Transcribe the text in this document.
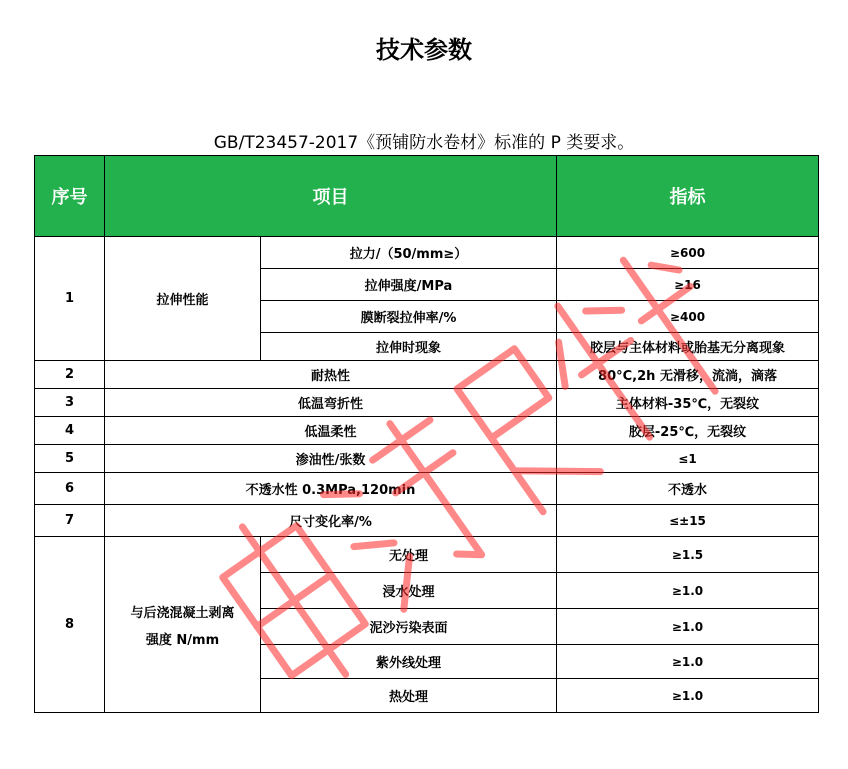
技术参数
GB/T23457-2017《预铺防水卷材》标准的 P 类要求。
序号	项目		指标
1	拉伸性能	拉力/（50/mm≥）	≥600
		拉伸强度/MPa	≥16
		膜断裂拉伸率/%	≥400
		拉伸时现象	胶层与主体材料或胎基无分离现象
2	耐热性		80°C,2h 无滑移，流淌，滴落
3	低温弯折性		主体材料-35℃，无裂纹
4	低温柔性		胶层-25℃，无裂纹
5	渗油性/张数		≤1
6	不透水性 0.3MPa,120min		不透水
7	尺寸变化率/%		≤±15
8	与后浇混凝土剥离
强度 N/mm	无处理	≥1.5
		浸水处理	≥1.0
		泥沙污染表面	≥1.0
		紫外线处理	≥1.0
		热处理	≥1.0
